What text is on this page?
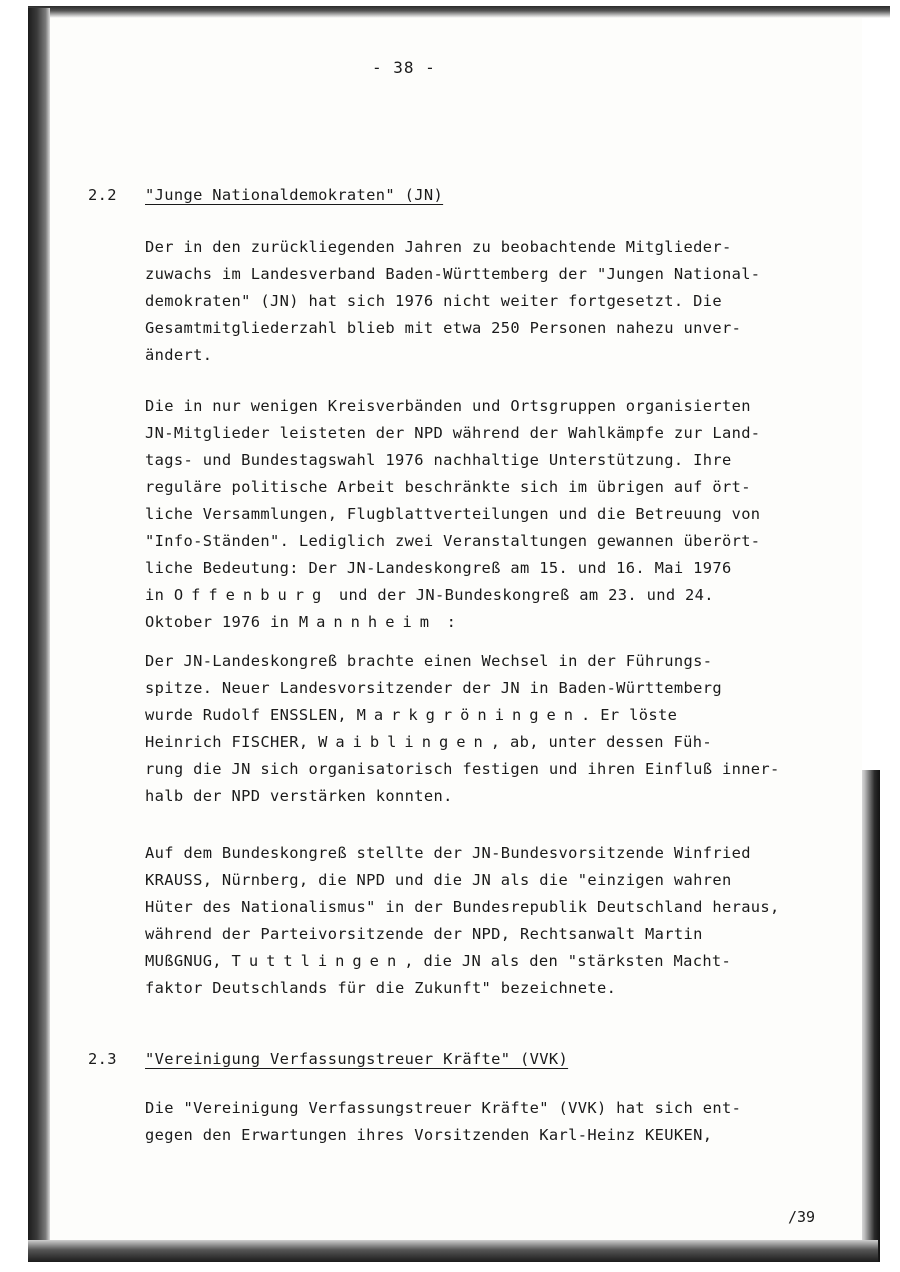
- 38 -
2.2 "Junge Nationaldemokraten" (JN)
Der in den zurückliegenden Jahren zu beobachtende Mitglieder-
zuwachs im Landesverband Baden-Württemberg der "Jungen National-
demokraten" (JN) hat sich 1976 nicht weiter fortgesetzt. Die
Gesamtmitgliederzahl blieb mit etwa 250 Personen nahezu unver-
ändert.
Die in nur wenigen Kreisverbänden und Ortsgruppen organisierten
JN-Mitglieder leisteten der NPD während der Wahlkämpfe zur Land-
tags- und Bundestagswahl 1976 nachhaltige Unterstützung. Ihre
reguläre politische Arbeit beschränkte sich im übrigen auf ört-
liche Versammlungen, Flugblattverteilungen und die Betreuung von
"Info-Ständen". Lediglich zwei Veranstaltungen gewannen überört-
liche Bedeutung: Der JN-Landeskongreß am 15. und 16. Mai 1976
in Offenburg und der JN-Bundeskongreß am 23. und 24.
Oktober 1976 in Mannheim :
Der JN-Landeskongreß brachte einen Wechsel in der Führungs-
spitze. Neuer Landesvorsitzender der JN in Baden-Württemberg
wurde Rudolf ENSSLEN, Markgröningen. Er löste
Heinrich FISCHER, Waiblingen, ab, unter dessen Füh-
rung die JN sich organisatorisch festigen und ihren Einfluß inner-
halb der NPD verstärken konnten.
Auf dem Bundeskongreß stellte der JN-Bundesvorsitzende Winfried
KRAUSS, Nürnberg, die NPD und die JN als die "einzigen wahren
Hüter des Nationalismus" in der Bundesrepublik Deutschland heraus,
während der Parteivorsitzende der NPD, Rechtsanwalt Martin
MUßGNUG, Tuttlingen, die JN als den "stärksten Macht-
faktor Deutschlands für die Zukunft" bezeichnete.
2.3 "Vereinigung Verfassungstreuer Kräfte" (VVK)
Die "Vereinigung Verfassungstreuer Kräfte" (VVK) hat sich ent-
gegen den Erwartungen ihres Vorsitzenden Karl-Heinz KEUKEN,
/39
